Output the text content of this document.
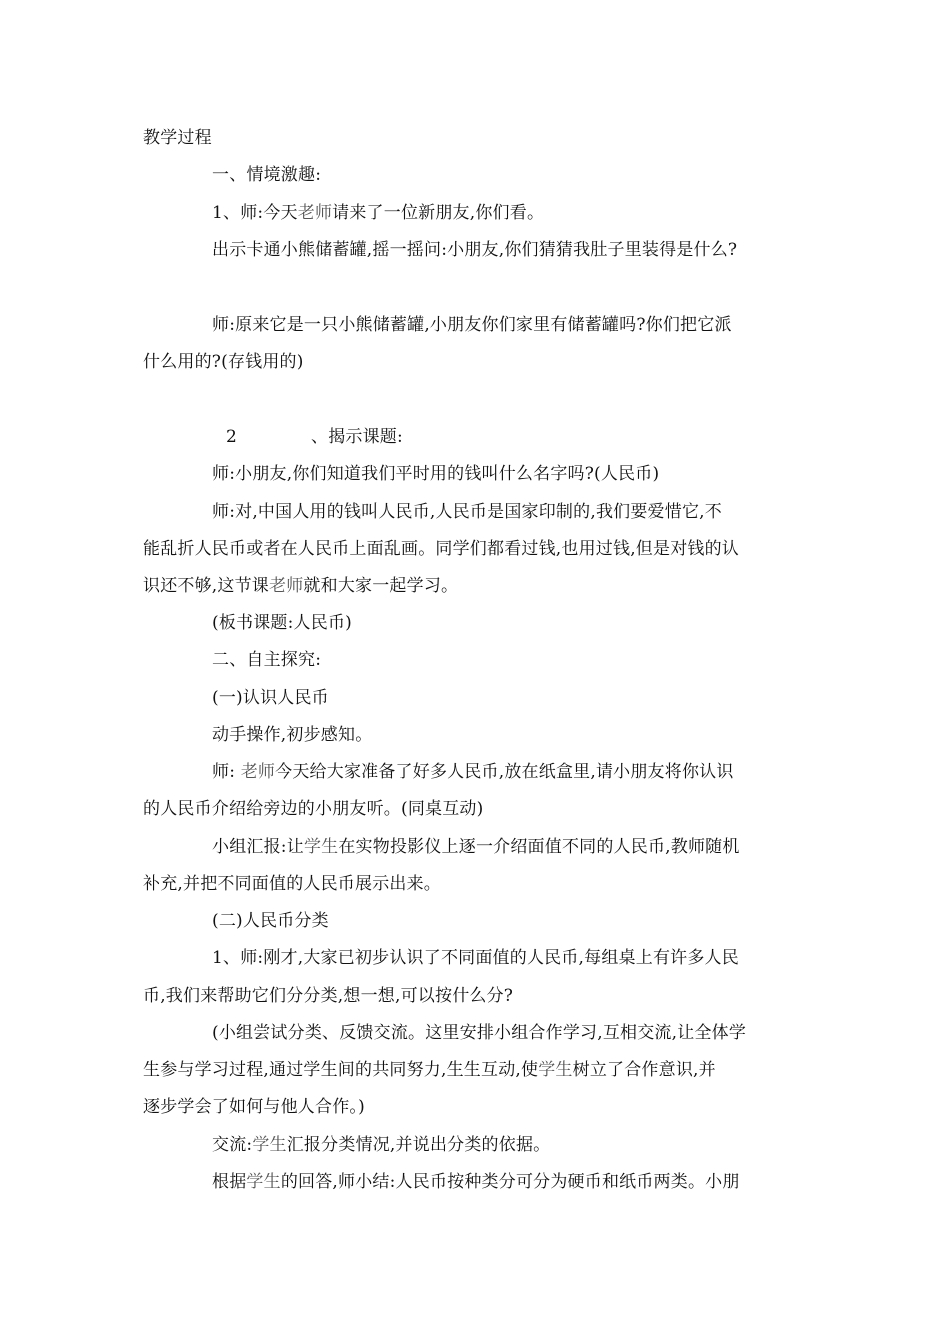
教学过程
一、情境激趣:
1、师:今天老师请来了一位新朋友,你们看。
出示卡通小熊储蓄罐,摇一摇问:小朋友,你们猜猜我肚子里装得是什么?
师:原来它是一只小熊储蓄罐,小朋友你们家里有储蓄罐吗?你们把它派
什么用的?(存钱用的)
2	、揭示课题:
师:小朋友,你们知道我们平时用的钱叫什么名字吗?(人民币)
师:对,中国人用的钱叫人民币,人民币是国家印制的,我们要爱惜它,不
能乱折人民币或者在人民币上面乱画。同学们都看过钱,也用过钱,但是对钱的认
识还不够,这节课老师就和大家一起学习。
(板书课题:人民币)
二、自主探究:
(一)认识人民币
动手操作,初步感知。
师: 老师今天给大家准备了好多人民币,放在纸盒里,请小朋友将你认识
的人民币介绍给旁边的小朋友听。(同桌互动)
小组汇报:让学生在实物投影仪上逐一介绍面值不同的人民币,教师随机
补充,并把不同面值的人民币展示出来。
(二)人民币分类
1、师:刚才,大家已初步认识了不同面值的人民币,每组桌上有许多人民
币,我们来帮助它们分分类,想一想,可以按什么分?
(小组尝试分类、反馈交流。这里安排小组合作学习,互相交流,让全体学
生参与学习过程,通过学生间的共同努力,生生互动,使学生树立了合作意识,并
逐步学会了如何与他人合作。)
交流:学生汇报分类情况,并说出分类的依据。
根据学生的回答,师小结:人民币按种类分可分为硬币和纸币两类。小朋
